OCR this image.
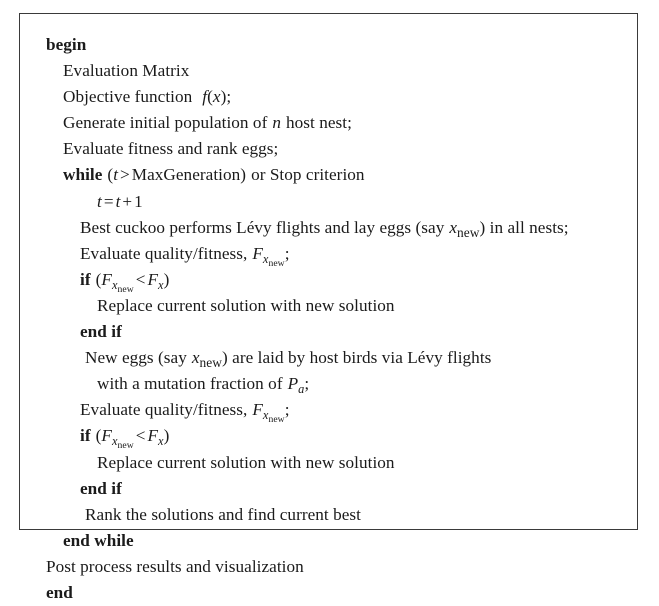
begin
Evaluation Matrix
Objective function f(x);
Generate initial population of n host nest;
Evaluate fitness and rank eggs;
while (t > MaxGeneration) or Stop criterion
t = t + 1
Best cuckoo performs Lévy flights and lay eggs (say $x_{new}$) in all nests;
Evaluate quality/fitness, $F_{x_{new}}$;
if $(F_{x_{new}}< F_x)$
Replace current solution with new solution
end if
New eggs (say $x_{new}$) are laid by host birds via Lévy flights
with a mutation fraction of $P_a$;
Evaluate quality/fitness, $F_{x_{new}}$;
if $(F_{x_{new}}< F_x)$
Replace current solution with new solution
end if
Rank the solutions and find current best
end while
Post process results and visualization
end
